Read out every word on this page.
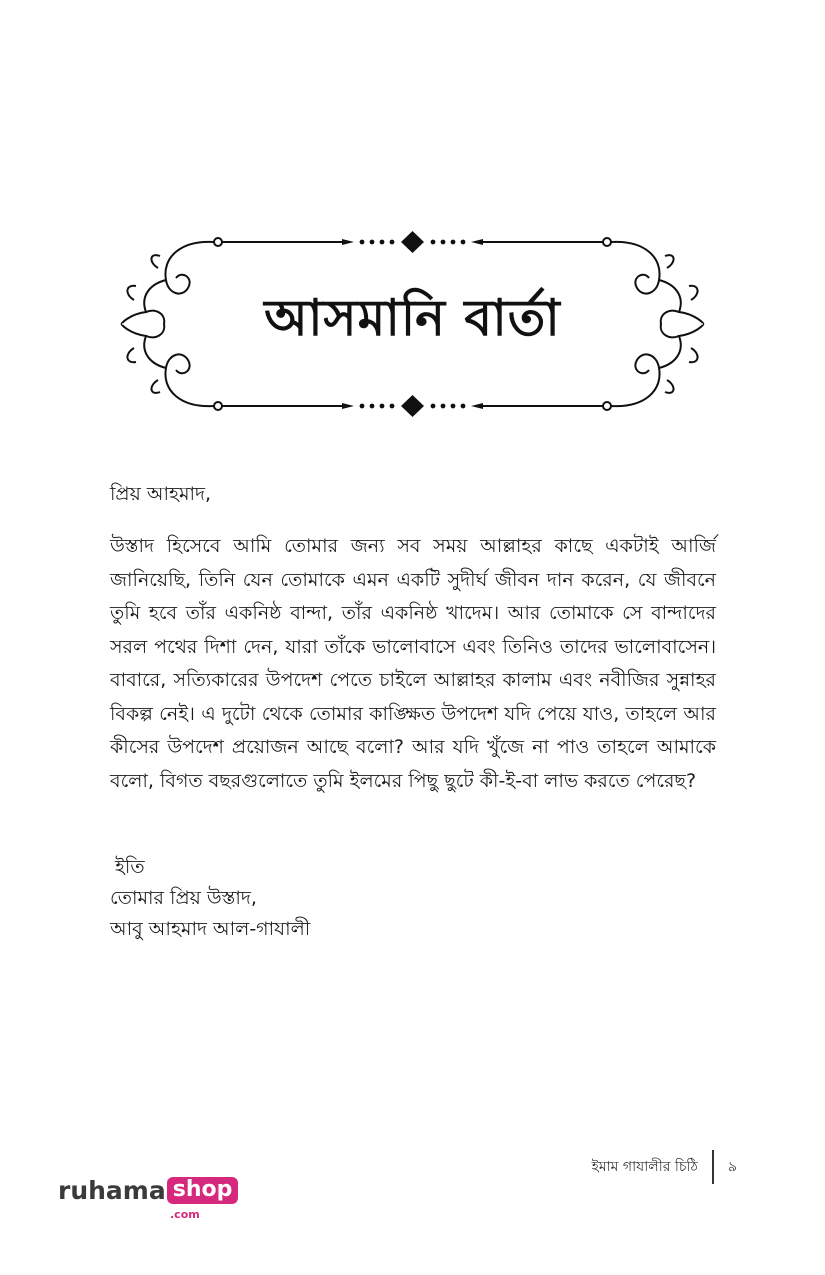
আসমানি বার্তা
প্রিয় আহমাদ,
উস্তাদ হিসেবে আমি তোমার জন্য সব সময় আল্লাহর কাছে একটাই আর্জি জানিয়েছি, তিনি যেন তোমাকে এমন একটি সুদীর্ঘ জীবন দান করেন, যে জীবনে তুমি হবে তাঁর একনিষ্ঠ বান্দা, তাঁর একনিষ্ঠ খাদেম। আর তোমাকে সে বান্দাদের সরল পথের দিশা দেন, যারা তাঁকে ভালোবাসে এবং তিনিও তাদের ভালোবাসেন। বাবারে, সত্যিকারের উপদেশ পেতে চাইলে আল্লাহর কালাম এবং নবীজির সুন্নাহর বিকল্প নেই। এ দুটো থেকে তোমার কাঙ্ক্ষিত উপদেশ যদি পেয়ে যাও, তাহলে আর কীসের উপদেশ প্রয়োজন আছে বলো? আর যদি খুঁজে না পাও তাহলে আমাকে বলো, বিগত বছরগুলোতে তুমি ইলমের পিছু ছুটে কী-ই-বা লাভ করতে পেরেছ?
ইতি
তোমার প্রিয় উস্তাদ,
আবু আহমাদ আল-গাযালী
ইমাম গাযালীর চিঠি ৯
ruhama shop
.com
